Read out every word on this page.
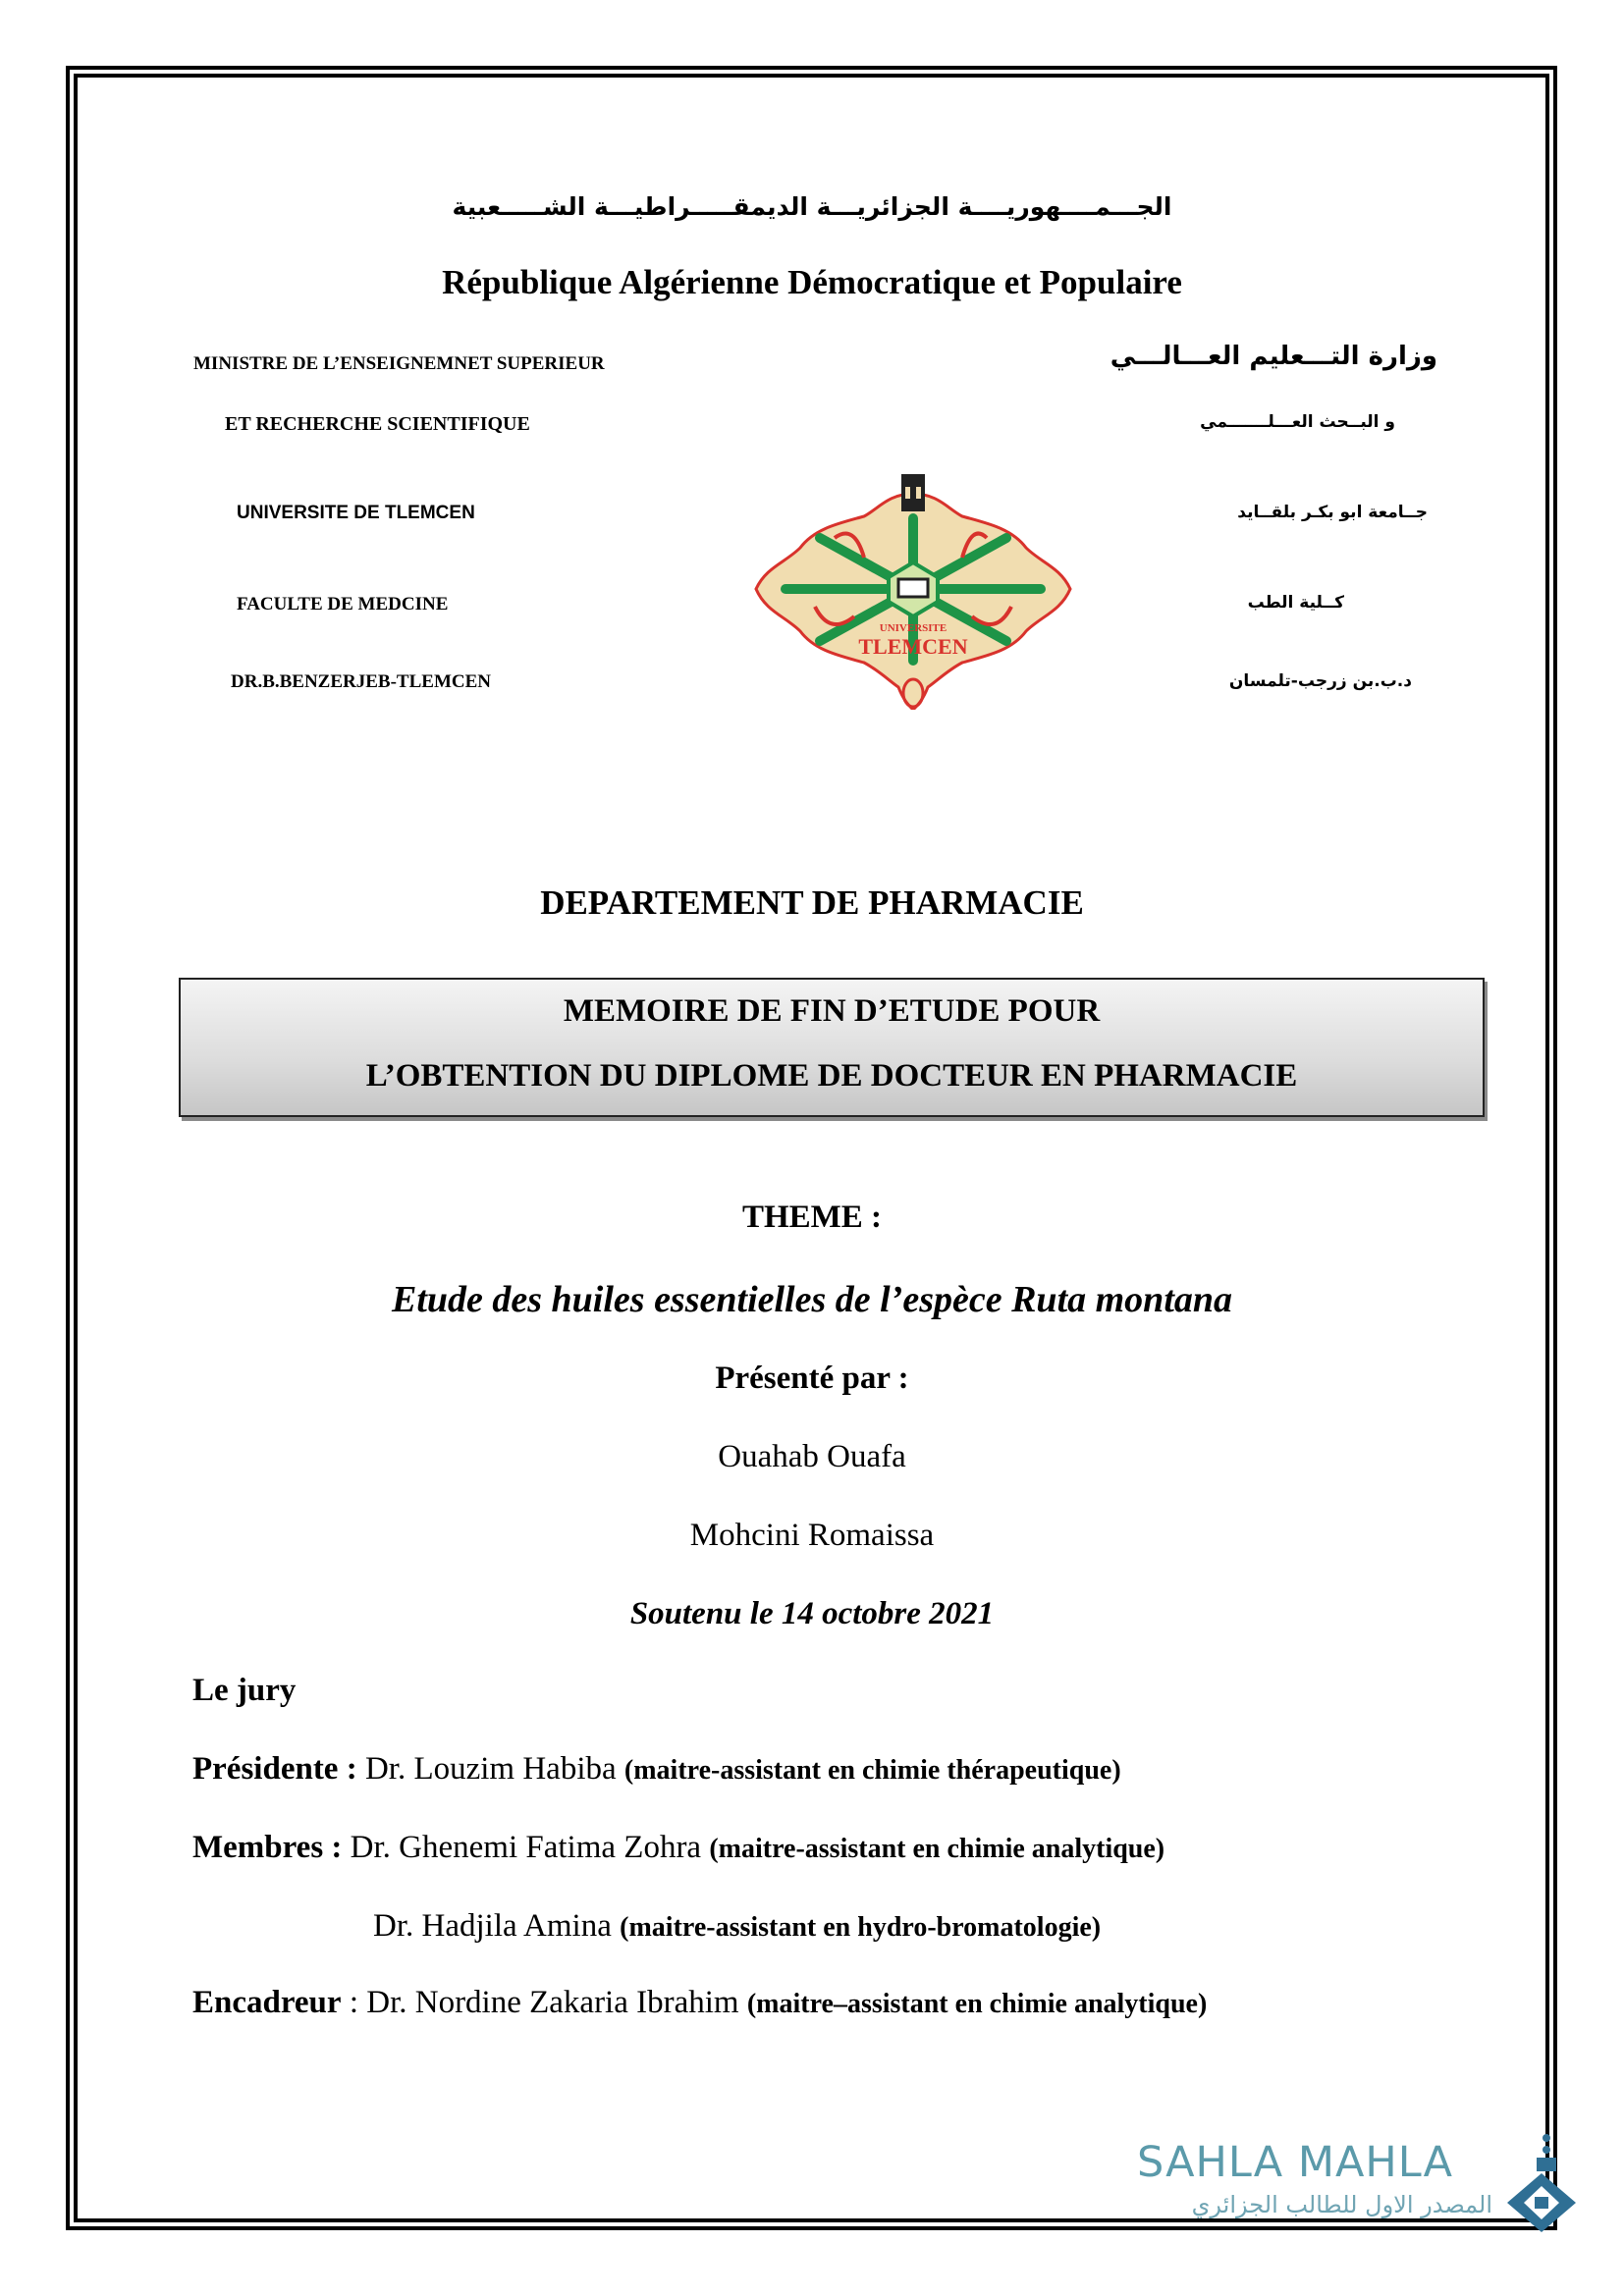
الجـــمــــهوريــــة الجزائريـــة الديمقـــــراطيـــة الشـــــعبية
République Algérienne Démocratique et Populaire
MINISTRE DE L’ENSEIGNEMNET SUPERIEUR
ET RECHERCHE SCIENTIFIQUE
UNIVERSITE DE TLEMCEN
FACULTE DE MEDCINE
DR.B.BENZERJEB-TLEMCEN
وزارة التـــعليم العـــالـــي
و البــحث العـــلـــــــمي
جــامعة ابو بكـر بلقــايد
كــلية الطب
د.ب.بن زرجب-تلمسان
UNIVERSITE
TLEMCEN
DEPARTEMENT DE PHARMACIE
MEMOIRE DE FIN D’ETUDE POUR
L’OBTENTION DU DIPLOME DE DOCTEUR EN PHARMACIE
THEME :
Etude des huiles essentielles de l’espèce Ruta montana
Présenté par :
Ouahab Ouafa
Mohcini Romaissa
Soutenu le 14 octobre 2021
Le jury
Présidente : Dr. Louzim Habiba (maitre-assistant en chimie thérapeutique)
Membres : Dr. Ghenemi Fatima Zohra (maitre-assistant en chimie analytique)
Dr. Hadjila Amina (maitre-assistant en hydro-bromatologie)
Encadreur : Dr. Nordine Zakaria Ibrahim (maitre–assistant en chimie analytique)
SAHLA MAHLA
المصدر الاول للطالب الجزائري
